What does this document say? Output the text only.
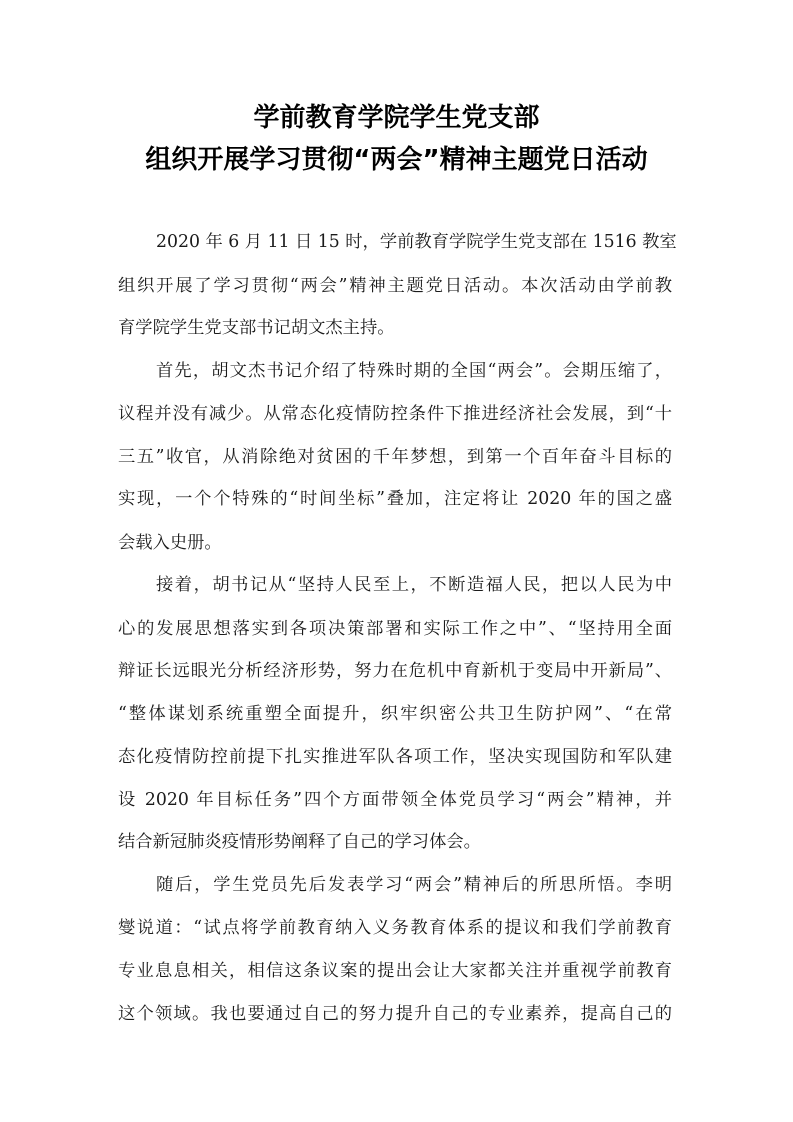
学前教育学院学生党支部
组织开展学习贯彻“两会”精神主题党日活动
2020 年 6 月 11 日 15 时，学前教育学院学生党支部在 1516 教室
组织开展了学习贯彻“两会”精神主题党日活动。本次活动由学前教
育学院学生党支部书记胡文杰主持。
首先，胡文杰书记介绍了特殊时期的全国“两会”。会期压缩了，
议程并没有减少。从常态化疫情防控条件下推进经济社会发展，到“十
三五”收官，从消除绝对贫困的千年梦想，到第一个百年奋斗目标的
实现，一个个特殊的“时间坐标”叠加，注定将让 2020 年的国之盛
会载入史册。
接着，胡书记从“坚持人民至上，不断造福人民，把以人民为中
心的发展思想落实到各项决策部署和实际工作之中”、“坚持用全面
辩证长远眼光分析经济形势，努力在危机中育新机于变局中开新局”、
“整体谋划系统重塑全面提升，织牢织密公共卫生防护网”、“在常
态化疫情防控前提下扎实推进军队各项工作，坚决实现国防和军队建
设 2020 年目标任务”四个方面带领全体党员学习“两会”精神，并
结合新冠肺炎疫情形势阐释了自己的学习体会。
随后，学生党员先后发表学习“两会”精神后的所思所悟。李明
燮说道：“试点将学前教育纳入义务教育体系的提议和我们学前教育
专业息息相关，相信这条议案的提出会让大家都关注并重视学前教育
这个领域。我也要通过自己的努力提升自己的专业素养，提高自己的
